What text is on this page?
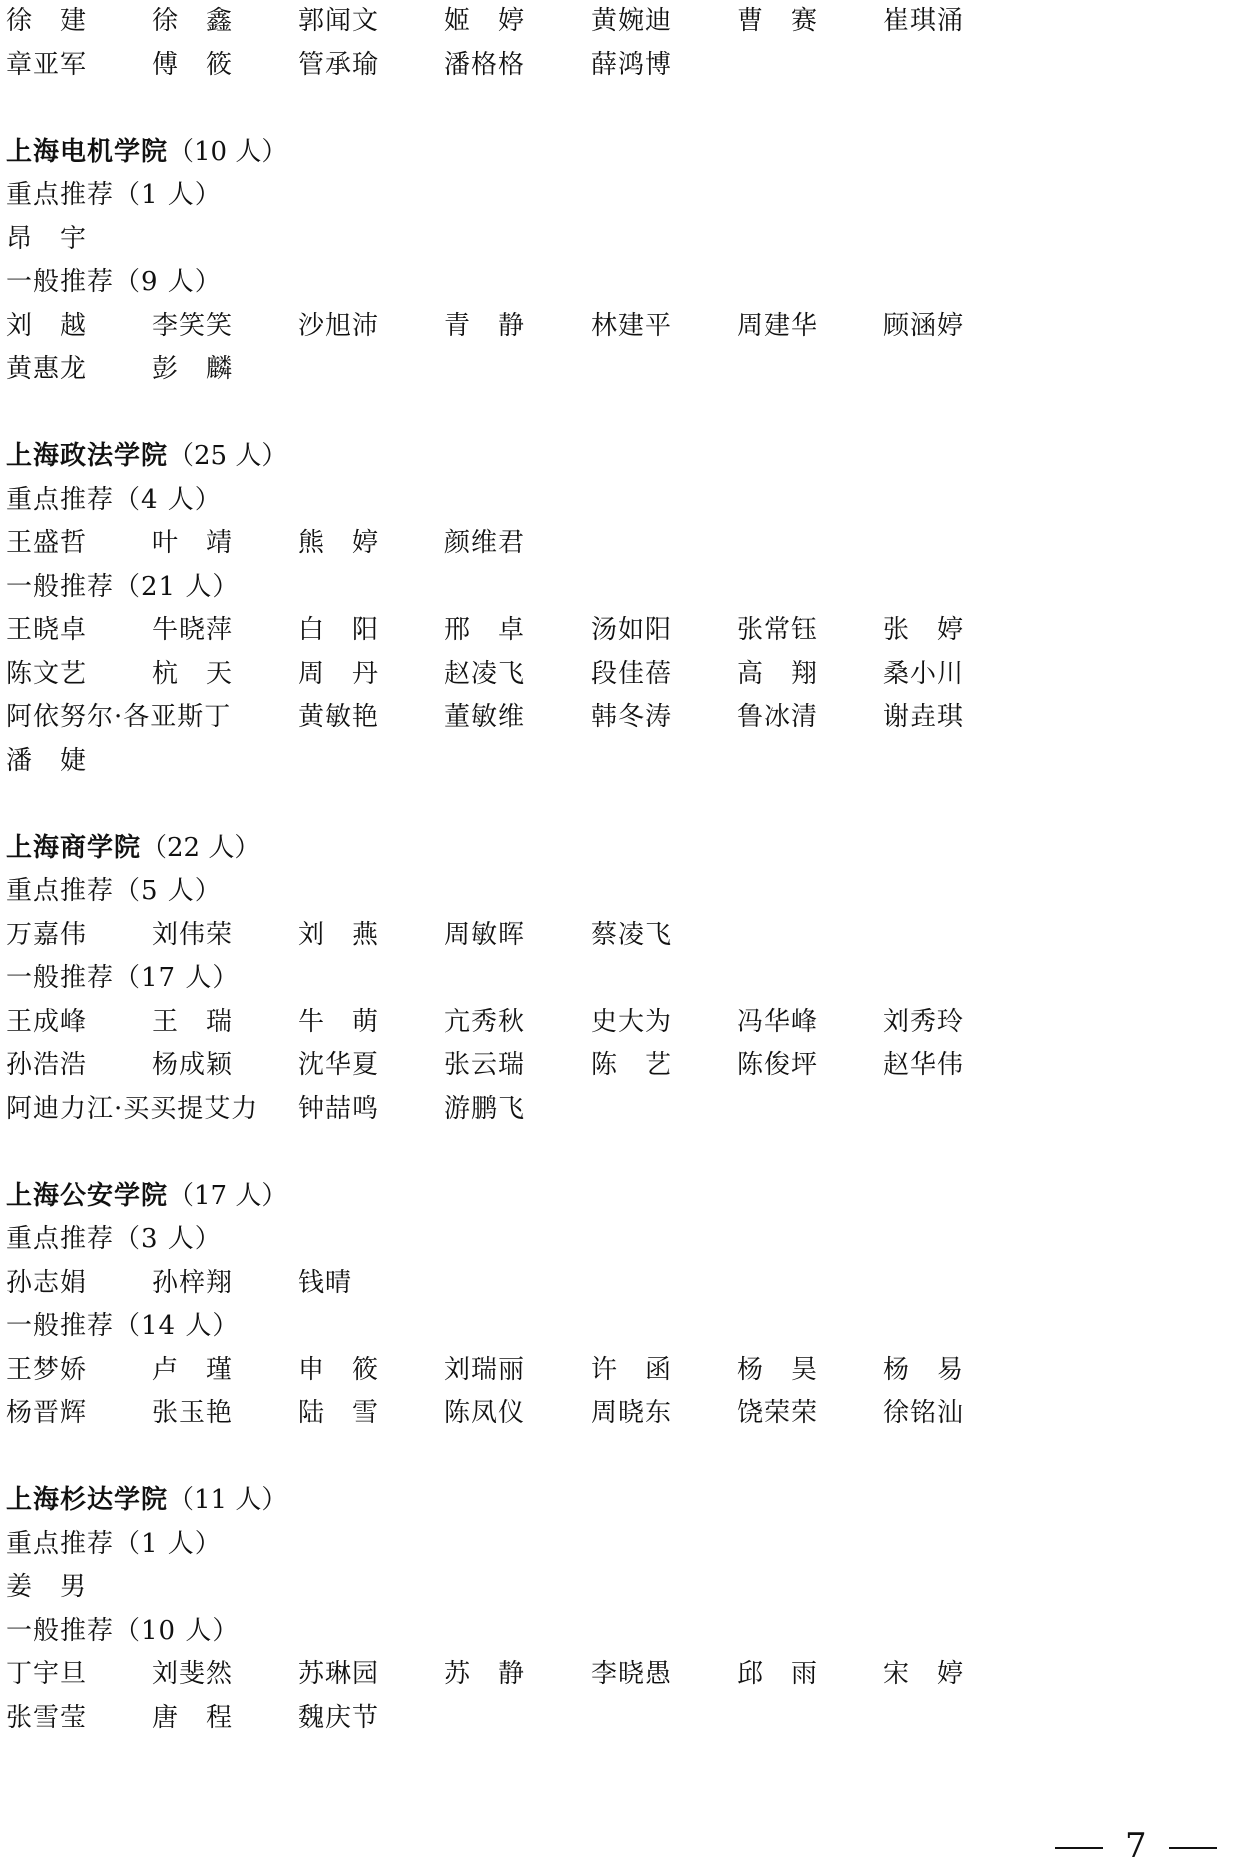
徐　建 徐　鑫 郭闻文 姬　婷	黄婉迪 曹　赛 崔琪涌
章亚军 傅　筱 管承瑜 潘格格	薛鸿博
上海电机学院（10 人）
重点推荐（1 人）
昂　宇
一般推荐（9 人）
刘　越 李笑笑 沙旭沛 青　静	林建平 周建华 顾涵婷
黄惠龙 彭　麟
上海政法学院（25 人）
重点推荐（4 人）
王盛哲 叶　靖 熊　婷 颜维君
一般推荐（21 人）
王晓卓 牛晓萍 白　阳 邢　卓	汤如阳 张常钰 张　婷
陈文艺 杭　天 周　丹 赵凌飞	段佳蓓 高　翔 桑小川
阿依努尔·各亚斯丁	黄敏艳 董敏维	韩冬涛 鲁冰清 谢垚琪
潘　婕
上海商学院（22 人）
重点推荐（5 人）
万嘉伟 刘伟荣 刘　燕 周敏晖	蔡凌飞
一般推荐（17 人）
王成峰 王　瑞 牛　萌 亢秀秋	史大为 冯华峰 刘秀玲
孙浩浩 杨成颖 沈华夏 张云瑞	陈　艺 陈俊坪 赵华伟
阿迪力江·买买提艾力 钟喆鸣 游鹏飞
上海公安学院（17 人）
重点推荐（3 人）
孙志娟 孙梓翔 钱晴
一般推荐（14 人）
王梦娇 卢　瑾 申　筱 刘瑞丽	许　函 杨　昊 杨　易
杨晋辉 张玉艳 陆　雪 陈凤仪	周晓东 饶荣荣 徐铭汕
上海杉达学院（11 人）
重点推荐（1 人）
姜　男
一般推荐（10 人）
丁宇旦 刘斐然 苏琳园 苏　静	李晓愚 邱　雨 宋　婷
张雪莹 唐　程 魏庆节
7
